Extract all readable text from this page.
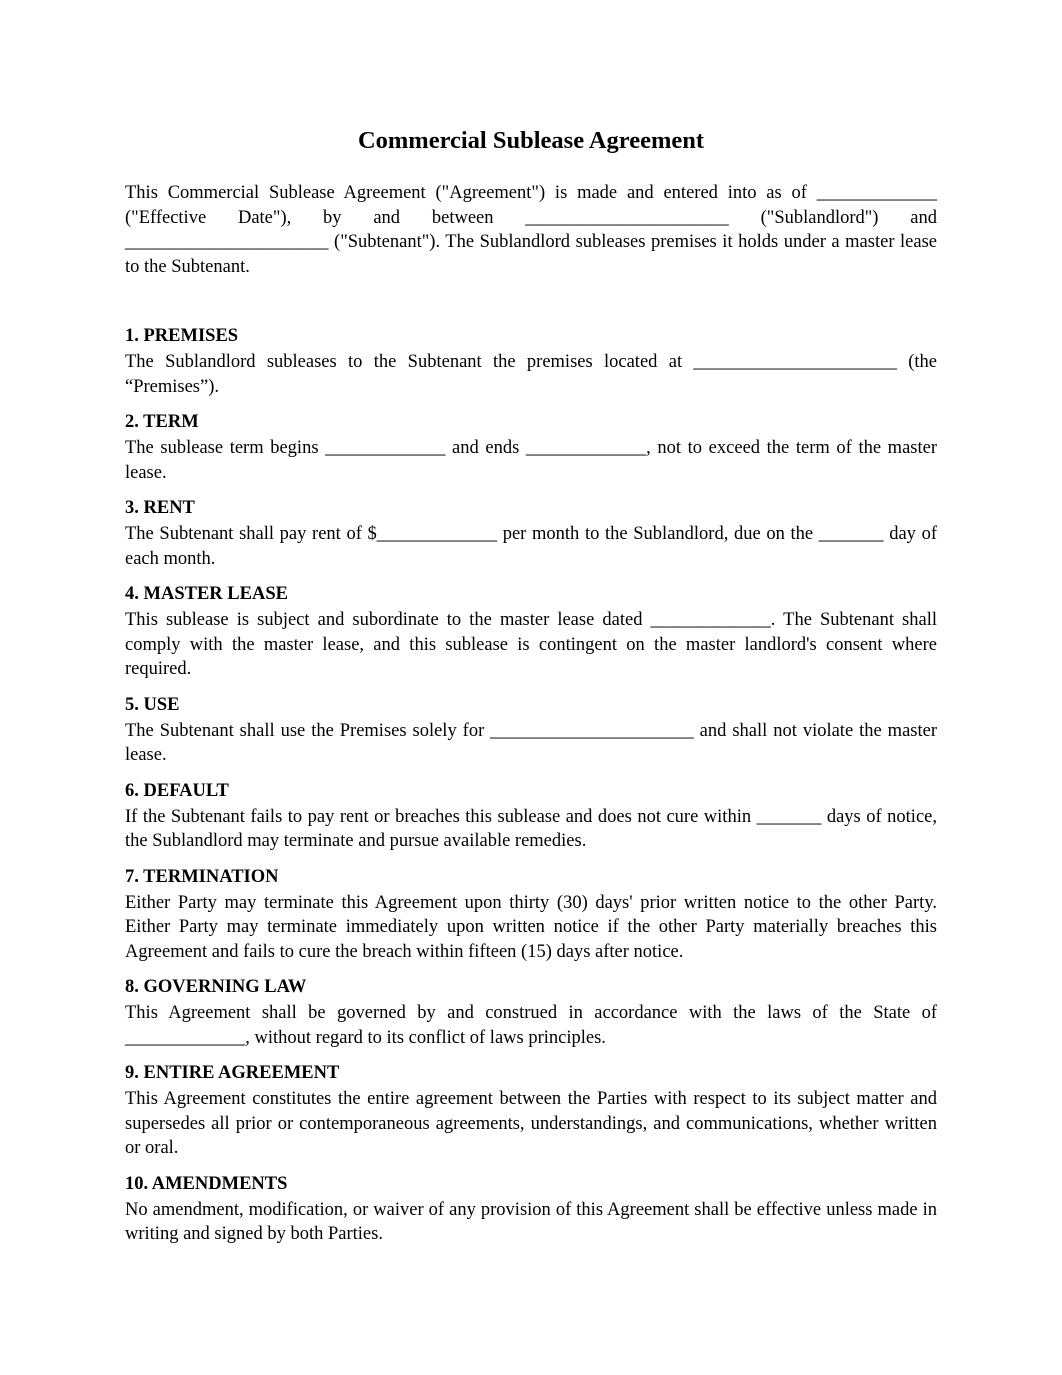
Commercial Sublease Agreement

This Commercial Sublease Agreement ("Agreement") is made and entered into as of _____________ ("Effective Date"), by and between ______________________ ("Sublandlord") and ______________________ ("Subtenant"). The Sublandlord subleases premises it holds under a master lease to the Subtenant.

1. PREMISES

The Sublandlord subleases to the Subtenant the premises located at ______________________ (the “Premises”).

2. TERM

The sublease term begins _____________ and ends _____________, not to exceed the term of the master lease.

3. RENT

The Subtenant shall pay rent of $_____________ per month to the Sublandlord, due on the _______ day of each month.

4. MASTER LEASE

This sublease is subject and subordinate to the master lease dated _____________. The Subtenant shall comply with the master lease, and this sublease is contingent on the master landlord's consent where required.

5. USE

The Subtenant shall use the Premises solely for ______________________ and shall not violate the master lease.

6. DEFAULT

If the Subtenant fails to pay rent or breaches this sublease and does not cure within _______ days of notice, the Sublandlord may terminate and pursue available remedies.

7. TERMINATION

Either Party may terminate this Agreement upon thirty (30) days' prior written notice to the other Party. Either Party may terminate immediately upon written notice if the other Party materially breaches this Agreement and fails to cure the breach within fifteen (15) days after notice.

8. GOVERNING LAW

This Agreement shall be governed by and construed in accordance with the laws of the State of _____________, without regard to its conflict of laws principles.

9. ENTIRE AGREEMENT

This Agreement constitutes the entire agreement between the Parties with respect to its subject matter and supersedes all prior or contemporaneous agreements, understandings, and communications, whether written or oral.

10. AMENDMENTS

No amendment, modification, or waiver of any provision of this Agreement shall be effective unless made in writing and signed by both Parties.
